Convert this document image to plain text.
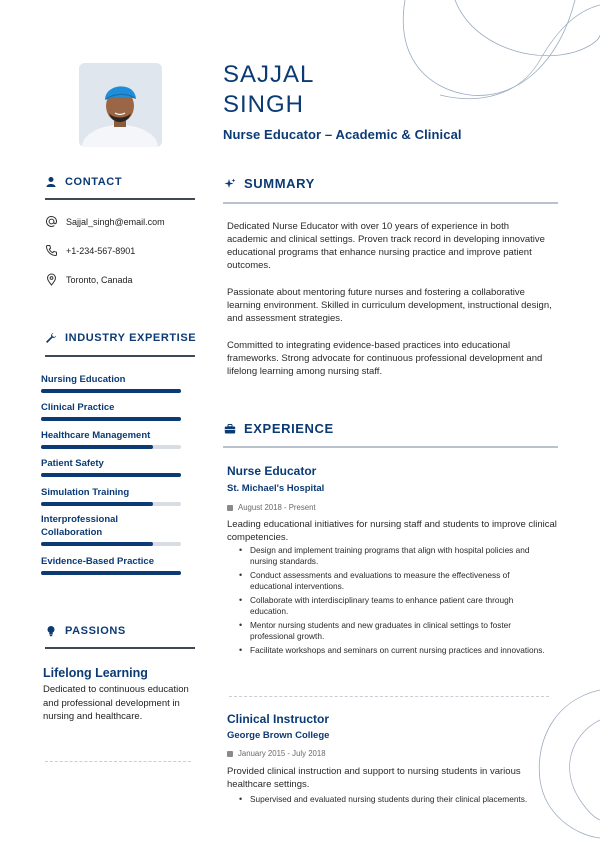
SAJJAL
SINGH
Nurse Educator – Academic & Clinical
CONTACT
Sajjal_singh@email.com
+1-234-567-8901
Toronto, Canada
INDUSTRY EXPERTISE
Nursing Education
Clinical Practice
Healthcare Management
Patient Safety
Simulation Training
Interprofessional Collaboration
Evidence-Based Practice
PASSIONS
Lifelong Learning
Dedicated to continuous education and professional development in nursing and healthcare.
SUMMARY
Dedicated Nurse Educator with over 10 years of experience in both academic and clinical settings. Proven track record in developing innovative educational programs that enhance nursing practice and improve patient outcomes.
Passionate about mentoring future nurses and fostering a collaborative learning environment. Skilled in curriculum development, instructional design, and assessment strategies.
Committed to integrating evidence-based practices into educational frameworks. Strong advocate for continuous professional development and lifelong learning among nursing staff.
EXPERIENCE
Nurse Educator
St. Michael's Hospital
August 2018 - Present
Leading educational initiatives for nursing staff and students to improve clinical competencies.
• Design and implement training programs that align with hospital policies and nursing standards.
• Conduct assessments and evaluations to measure the effectiveness of educational interventions.
• Collaborate with interdisciplinary teams to enhance patient care through education.
• Mentor nursing students and new graduates in clinical settings to foster professional growth.
• Facilitate workshops and seminars on current nursing practices and innovations.
Clinical Instructor
George Brown College
January 2015 - July 2018
Provided clinical instruction and support to nursing students in various healthcare settings.
• Supervised and evaluated nursing students during their clinical placements.
